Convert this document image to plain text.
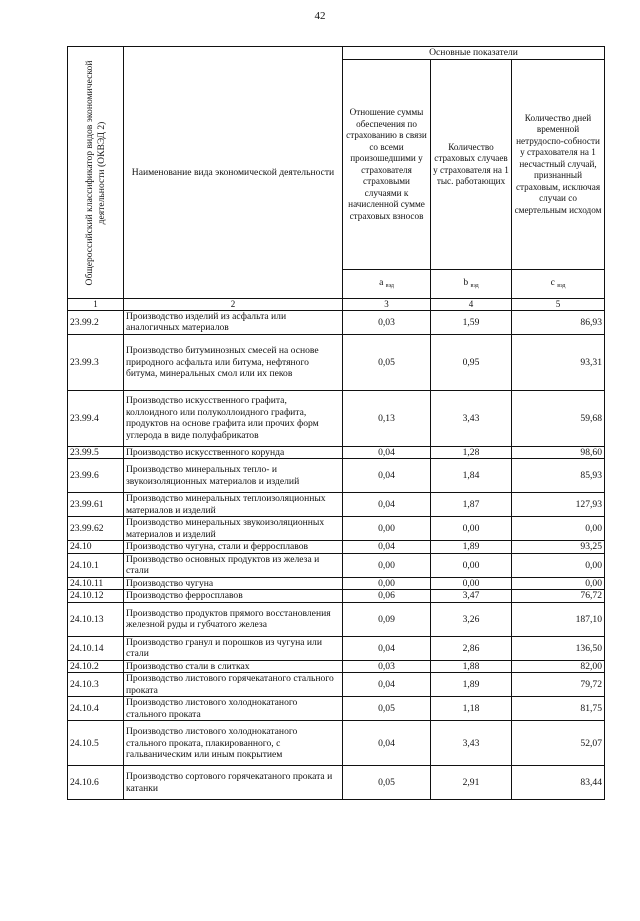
42
Общероссийский классификатор видов экономической деятельности (ОКВЭД 2)	Наименование вида экономической деятельности	Основные показатели		
		Отношение суммы обеспечения по страхованию в связи со всеми произошедшими у страхователя страховыми случаями к начисленной сумме страховых взносов	Количество страховых случаев у страхователя на 1 тыс. работающих	Количество дней временной нетрудоспо-собности у страхователя на 1 несчастный случай, признанный страховым, исключая случаи со смертельным исходом
		a $_{вэд}$	b $_{вэд}$	c $_{вэд}$
1	2	3	4	5
23.99.2	Производство изделий из асфальта или аналогичных материалов	0,03	1,59	86,93
23.99.3	Производство битуминозных смесей на основе природного асфальта или битума, нефтяного битума, минеральных смол или их пеков	0,05	0,95	93,31
23.99.4	Производство искусственного графита, коллоидного или полуколлоидного графита, продуктов на основе графита или прочих форм углерода в виде полуфабрикатов	0,13	3,43	59,68
23.99.5	Производство искусственного корунда	0,04	1,28	98,60
23.99.6	Производство минеральных тепло- и звукоизоляционных материалов и изделий	0,04	1,84	85,93
23.99.61	Производство минеральных теплоизоляционных материалов и изделий	0,04	1,87	127,93
23.99.62	Производство минеральных звукоизоляционных материалов и изделий	0,00	0,00	0,00
24.10	Производство чугуна, стали и ферросплавов	0,04	1,89	93,25
24.10.1	Производство основных продуктов из железа и стали	0,00	0,00	0,00
24.10.11	Производство чугуна	0,00	0,00	0,00
24.10.12	Производство ферросплавов	0,06	3,47	76,72
24.10.13	Производство продуктов прямого восстановления железной руды и губчатого железа	0,09	3,26	187,10
24.10.14	Производство гранул и порошков из чугуна или стали	0,04	2,86	136,50
24.10.2	Производство стали в слитках	0,03	1,88	82,00
24.10.3	Производство листового горячекатаного стального проката	0,04	1,89	79,72
24.10.4	Производство листового холоднокатаного стального проката	0,05	1,18	81,75
24.10.5	Производство листового холоднокатаного стального проката, плакированного, с гальваническим или иным покрытием	0,04	3,43	52,07
24.10.6	Производство сортового горячекатаного проката и катанки	0,05	2,91	83,44
